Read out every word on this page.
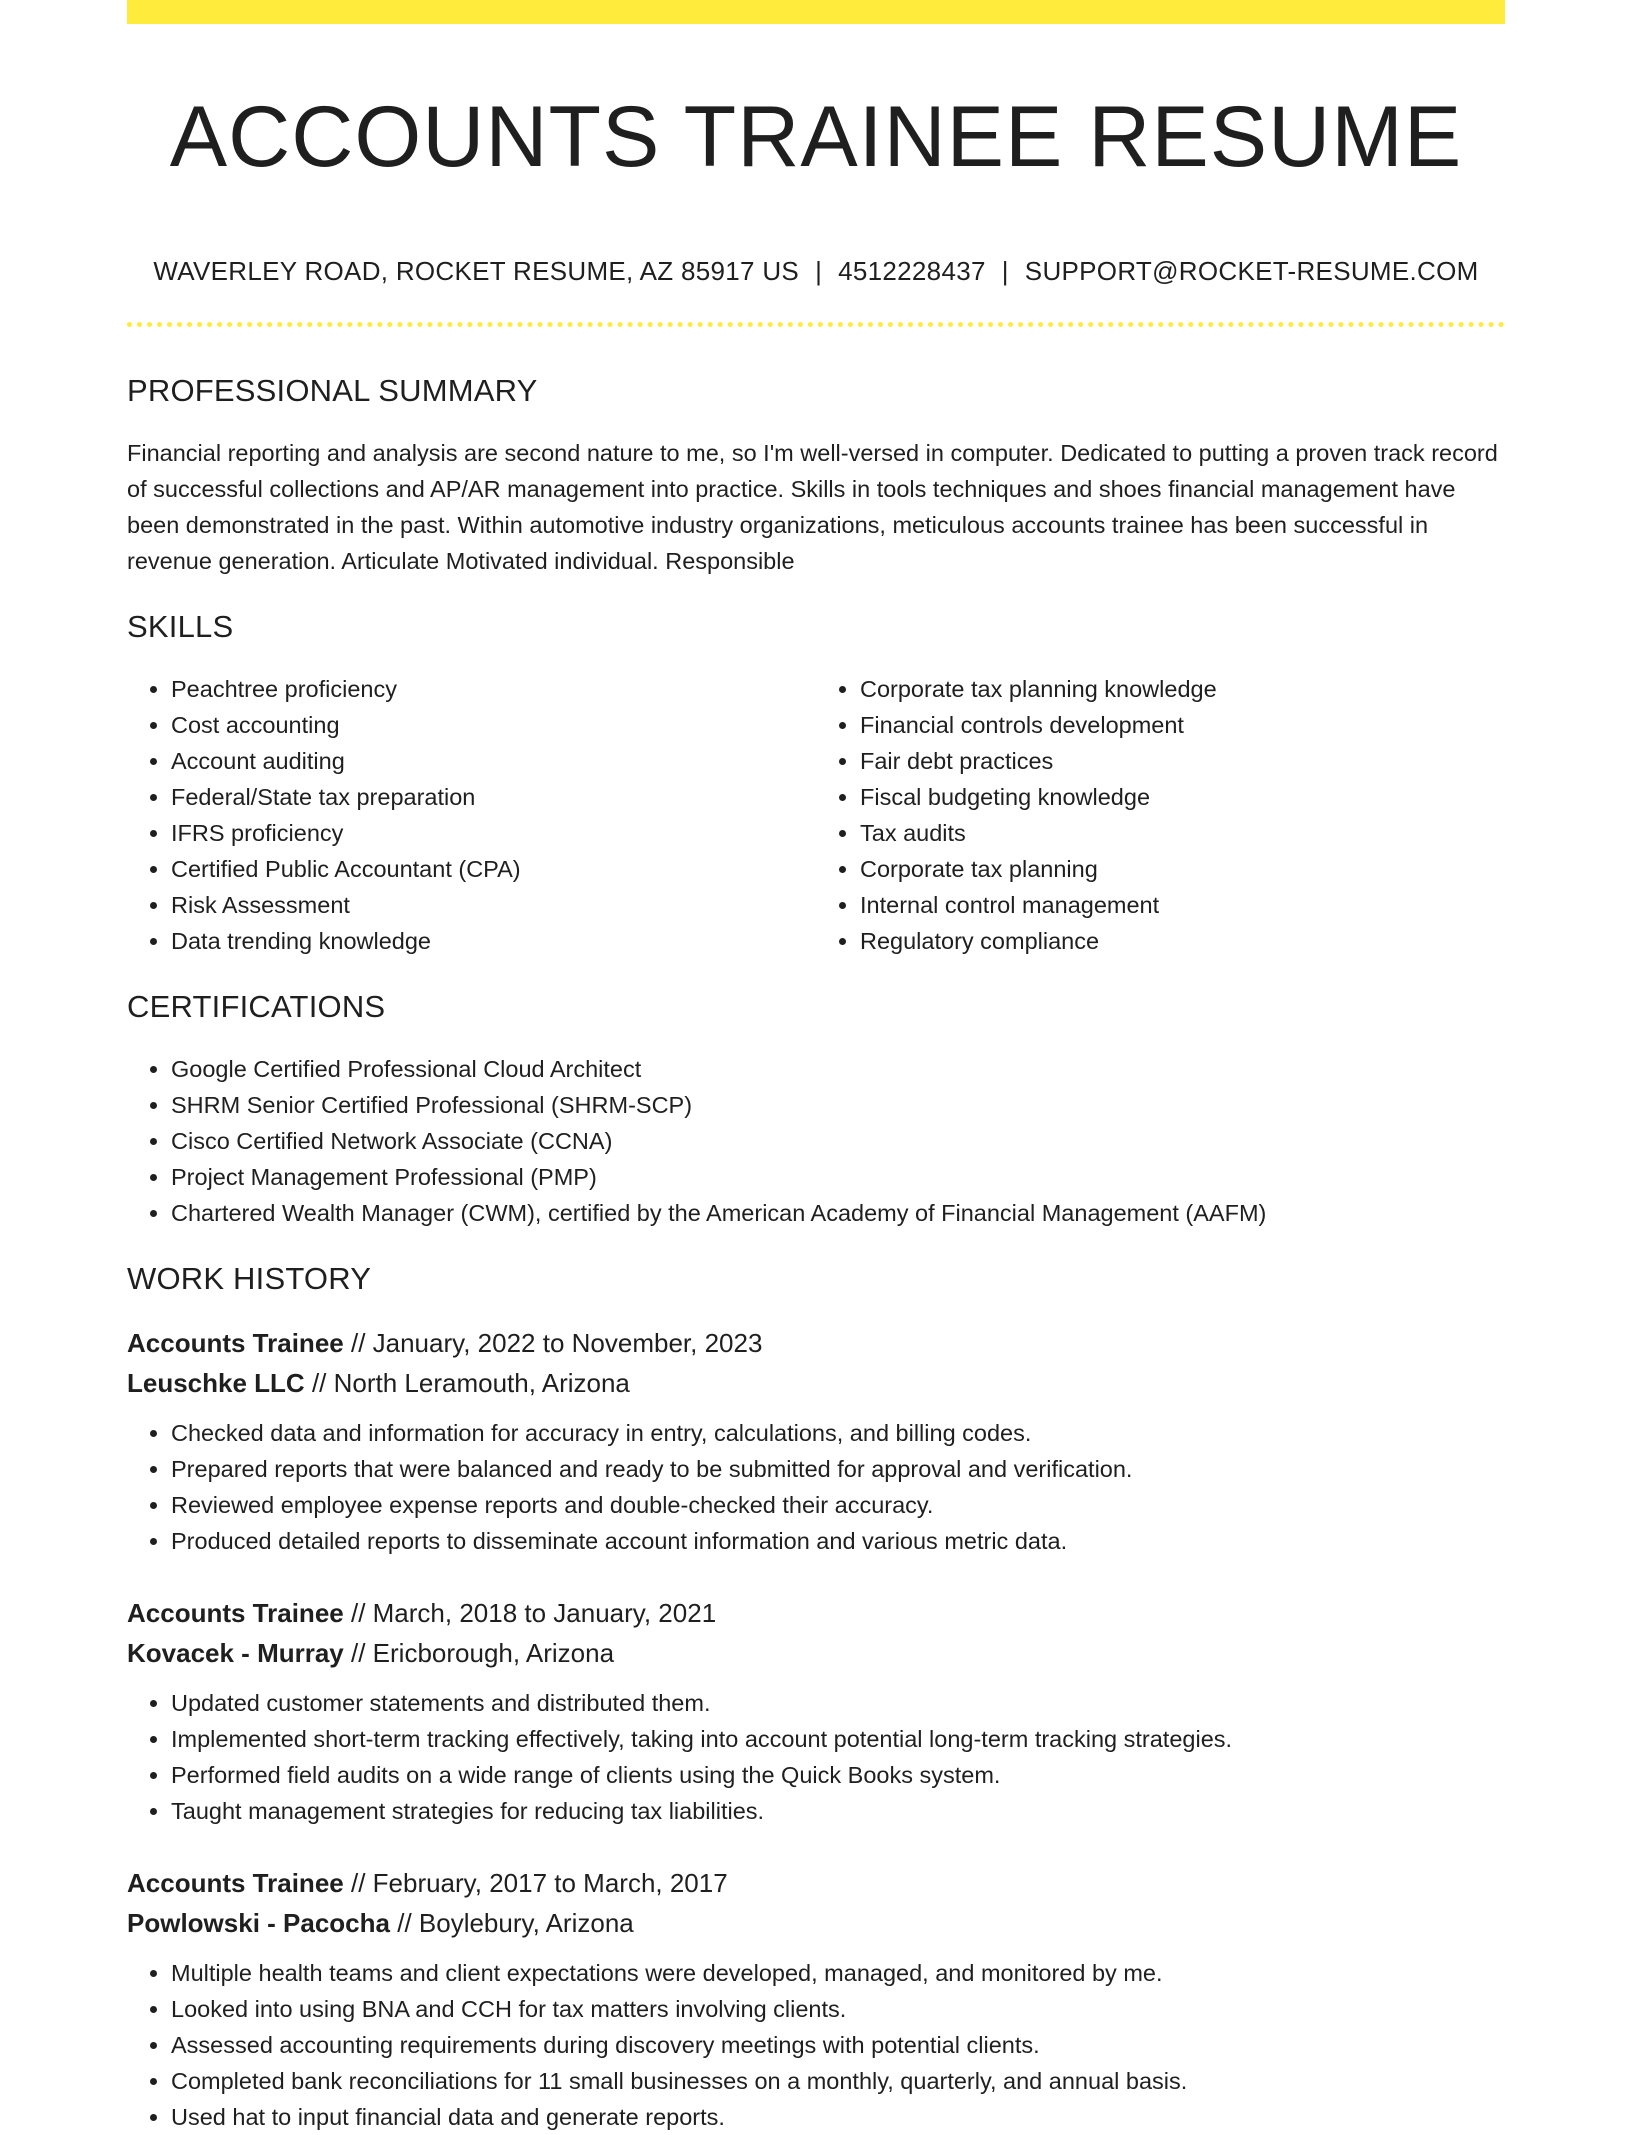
ACCOUNTS TRAINEE RESUME
WAVERLEY ROAD, ROCKET RESUME, AZ 85917 US | 4512228437 | SUPPORT@ROCKET-RESUME.COM
PROFESSIONAL SUMMARY

Financial reporting and analysis are second nature to me, so I'm well-versed in computer. Dedicated to putting a proven track record of successful collections and AP/AR management into practice. Skills in tools techniques and shoes financial management have been demonstrated in the past. Within automotive industry organizations, meticulous accounts trainee has been successful in revenue generation. Articulate Motivated individual. Responsible

SKILLS
• Peachtree proficiency
• Cost accounting
• Account auditing
• Federal/State tax preparation
• IFRS proficiency
• Certified Public Accountant (CPA)
• Risk Assessment
• Data trending knowledge
• Corporate tax planning knowledge
• Financial controls development
• Fair debt practices
• Fiscal budgeting knowledge
• Tax audits
• Corporate tax planning
• Internal control management
• Regulatory compliance
CERTIFICATIONS
• Google Certified Professional Cloud Architect
• SHRM Senior Certified Professional (SHRM-SCP)
• Cisco Certified Network Associate (CCNA)
• Project Management Professional (PMP)
• Chartered Wealth Manager (CWM), certified by the American Academy of Financial Management (AAFM)
WORK HISTORY
Accounts Trainee // January, 2022 to November, 2023
Leuschke LLC // North Leramouth, Arizona
• Checked data and information for accuracy in entry, calculations, and billing codes.
• Prepared reports that were balanced and ready to be submitted for approval and verification.
• Reviewed employee expense reports and double-checked their accuracy.
• Produced detailed reports to disseminate account information and various metric data.
Accounts Trainee // March, 2018 to January, 2021
Kovacek - Murray // Ericborough, Arizona
• Updated customer statements and distributed them.
• Implemented short-term tracking effectively, taking into account potential long-term tracking strategies.
• Performed field audits on a wide range of clients using the Quick Books system.
• Taught management strategies for reducing tax liabilities.
Accounts Trainee // February, 2017 to March, 2017
Powlowski - Pacocha // Boylebury, Arizona
• Multiple health teams and client expectations were developed, managed, and monitored by me.
• Looked into using BNA and CCH for tax matters involving clients.
• Assessed accounting requirements during discovery meetings with potential clients.
• Completed bank reconciliations for 11 small businesses on a monthly, quarterly, and annual basis.
• Used hat to input financial data and generate reports.
